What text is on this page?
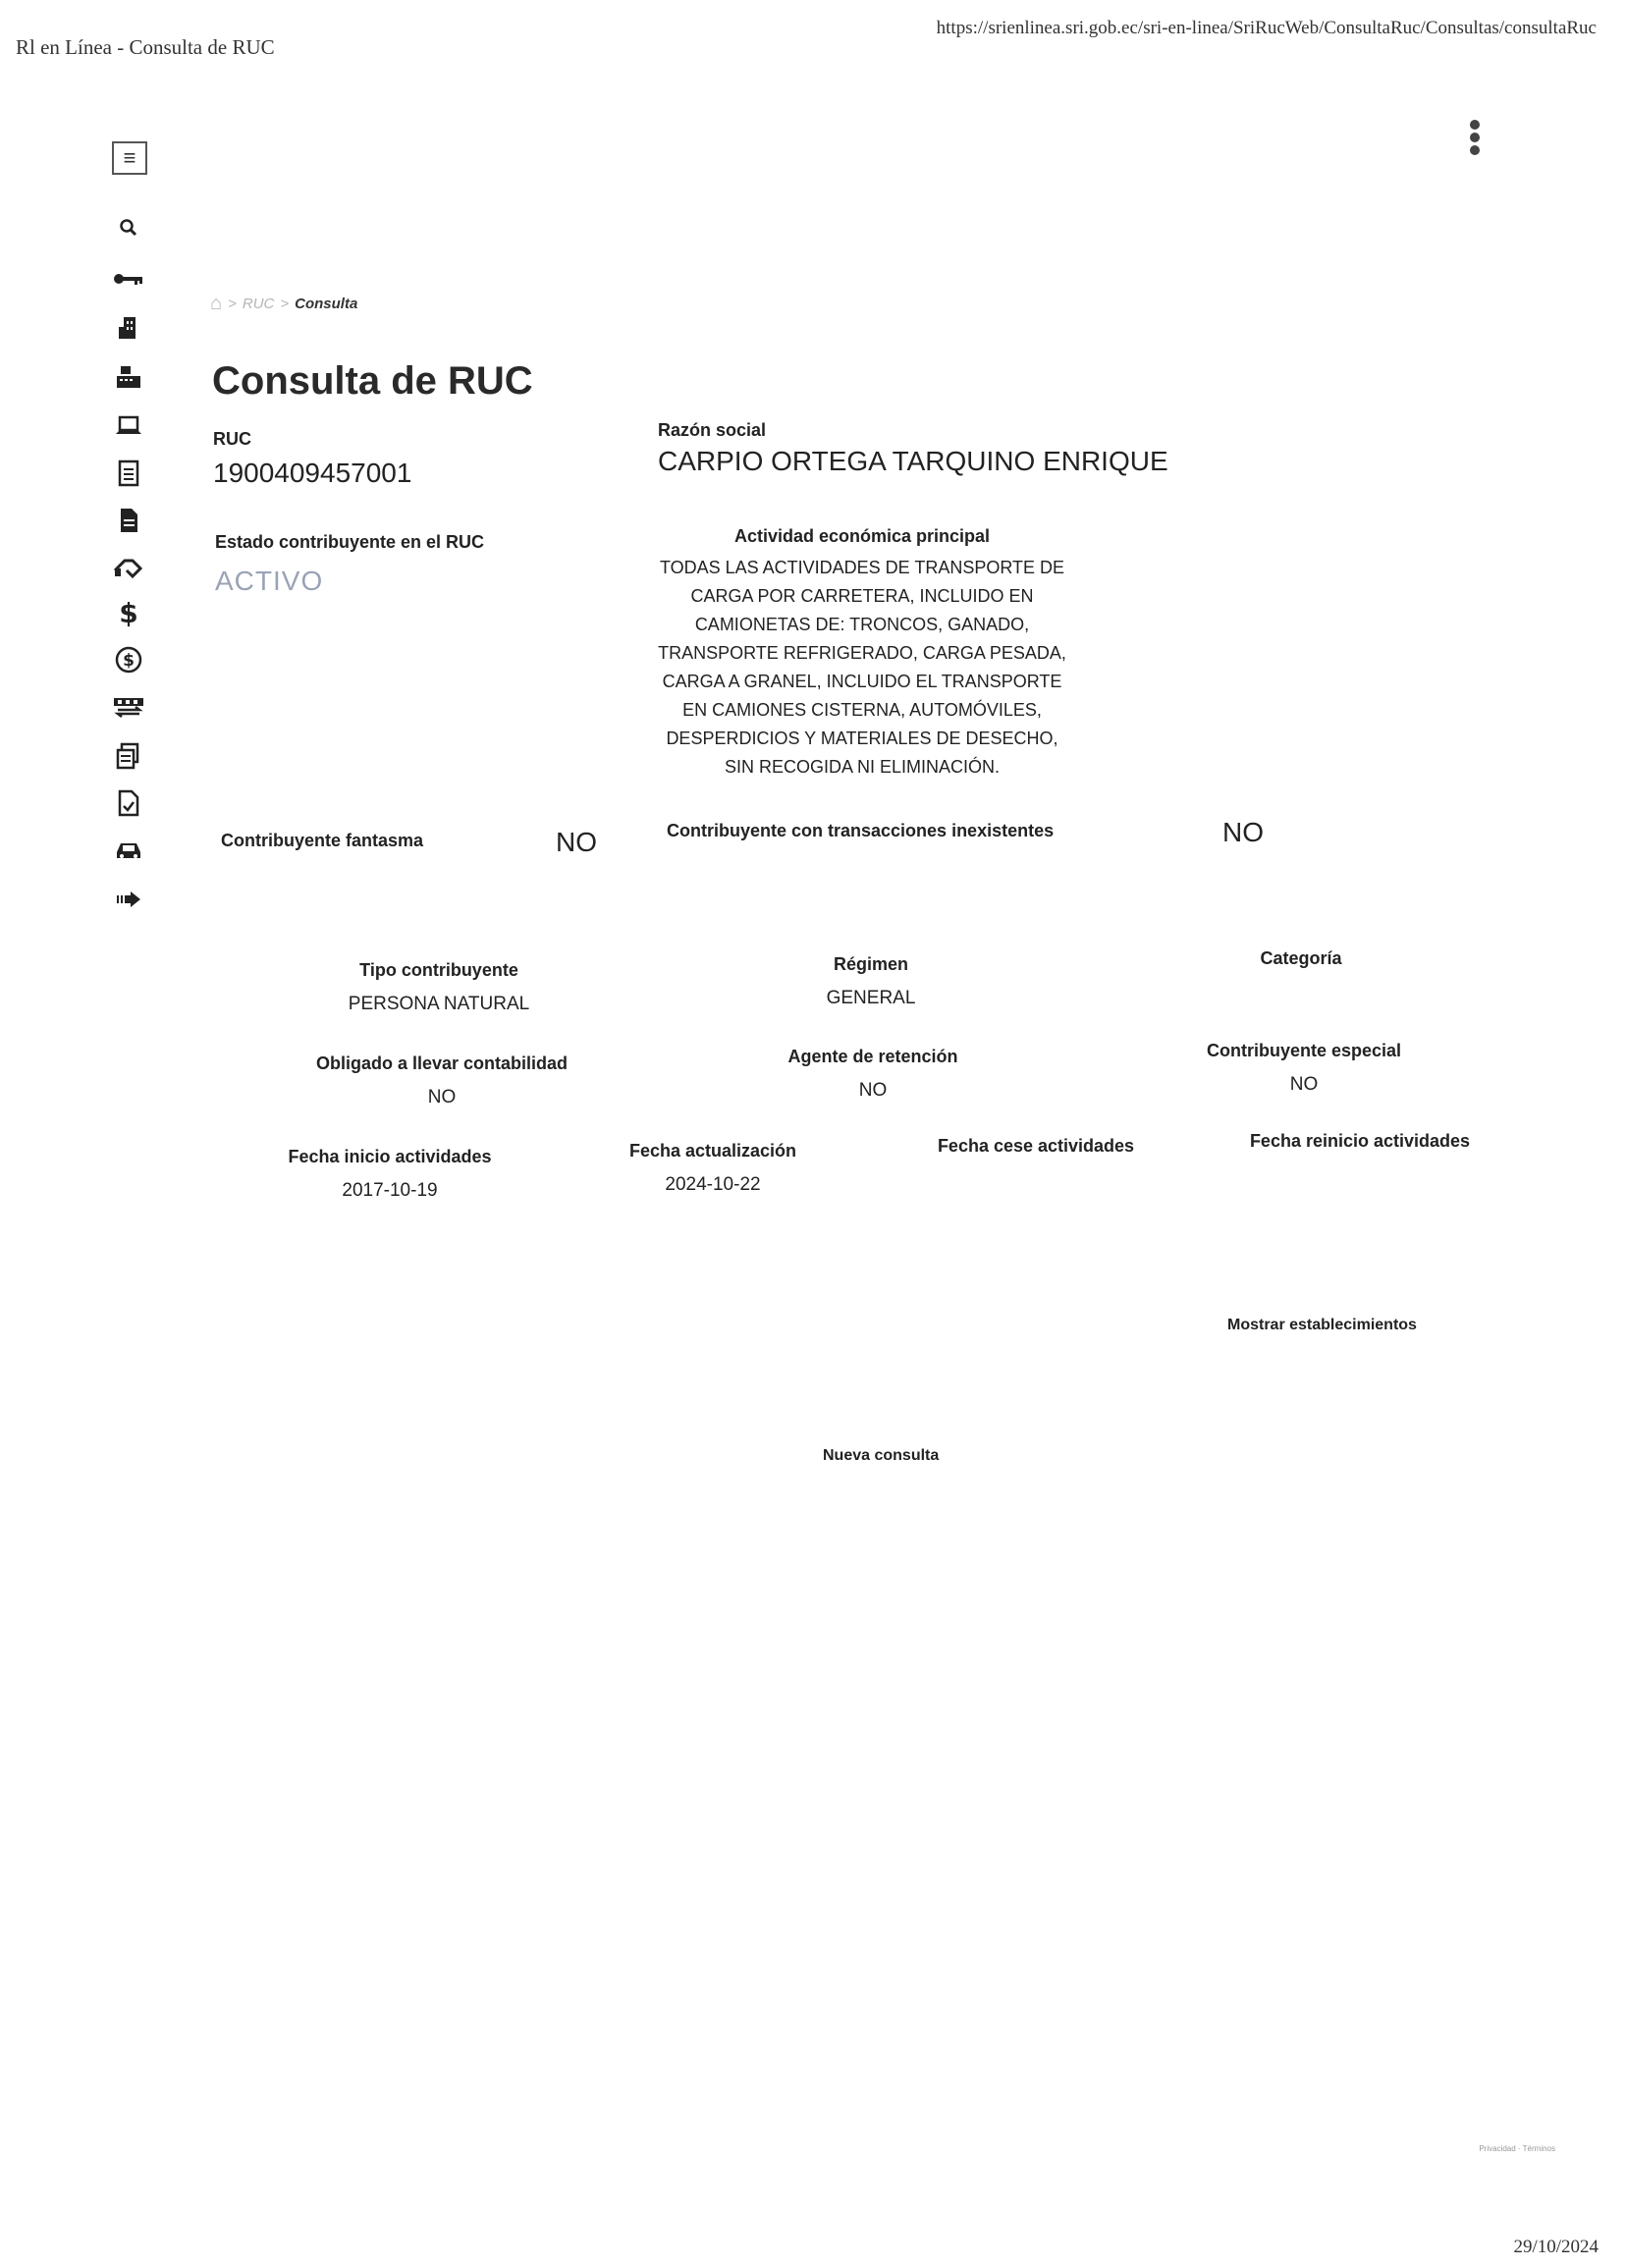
Rl en Línea - Consulta de RUC
https://srienlinea.sri.gob.ec/sri-en-linea/SriRucWeb/ConsultaRuc/Consultas/consultaRuc
≡
$
$
⌂ > RUC > Consulta
Consulta de RUC
RUC
1900409457001
Razón social
CARPIO ORTEGA TARQUINO ENRIQUE
Estado contribuyente en el RUC
ACTIVO
Actividad económica principal
TODAS LAS ACTIVIDADES DE TRANSPORTE DE
CARGA POR CARRETERA, INCLUIDO EN
CAMIONETAS DE: TRONCOS, GANADO,
TRANSPORTE REFRIGERADO, CARGA PESADA,
CARGA A GRANEL, INCLUIDO EL TRANSPORTE
EN CAMIONES CISTERNA, AUTOMÓVILES,
DESPERDICIOS Y MATERIALES DE DESECHO,
SIN RECOGIDA NI ELIMINACIÓN.
Contribuyente fantasma	NO	Contribuyente con transacciones inexistentes	NO
Tipo contribuyente
PERSONA NATURAL
Régimen
GENERAL
Categoría
Obligado a llevar contabilidad
NO
Agente de retención
NO
Contribuyente especial
NO
Fecha inicio actividades
2017-10-19
Fecha actualización
2024-10-22
Fecha cese actividades	Fecha reinicio actividades
Mostrar establecimientos
Nueva consulta
Privacidad · Términos
29/10/2024
